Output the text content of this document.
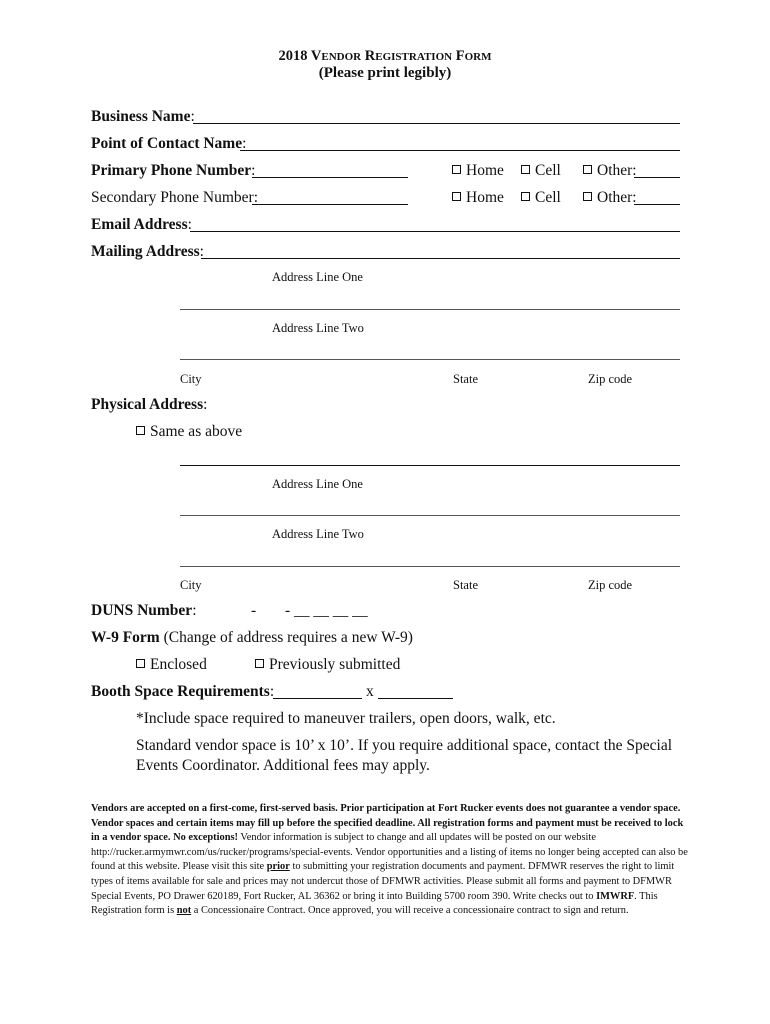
2018 VENDOR REGISTRATION FORM
(Please print legibly)
Business Name:
Point of Contact Name:
Primary Phone Number:	Home	Cell	Other:
Secondary Phone Number:	Home	Cell	Other:
Email Address:
Mailing Address:
Address Line One
Address Line Two
City	State	Zip code
Physical Address:
Same as above
Address Line One
Address Line Two
City	State	Zip code
DUNS Number:	- - __ __ __ __
W-9 Form (Change of address requires a new W-9)
Enclosed	Previously submitted
Booth Space Requirements:	x
*Include space required to maneuver trailers, open doors, walk, etc.
Standard vendor space is 10’ x 10’. If you require additional space, contact the Special
Events Coordinator. Additional fees may apply.
Vendors are accepted on a first-come, first-served basis. Prior participation at Fort Rucker events does not guarantee a vendor space. Vendor spaces and certain items may fill up before the specified deadline. All registration forms and payment must be received to lock in a vendor space. No exceptions! Vendor information is subject to change and all updates will be posted on our website http://rucker.armymwr.com/us/rucker/programs/special-events. Vendor opportunities and a listing of items no longer being accepted can also be found at this website. Please visit this site prior to submitting your registration documents and payment. DFMWR reserves the right to limit types of items available for sale and prices may not undercut those of DFMWR activities. Please submit all forms and payment to DFMWR Special Events, PO Drawer 620189, Fort Rucker, AL 36362 or bring it into Building 5700 room 390. Write checks out to IMWRF. This Registration form is not a Concessionaire Contract. Once approved, you will receive a concessionaire contract to sign and return.
